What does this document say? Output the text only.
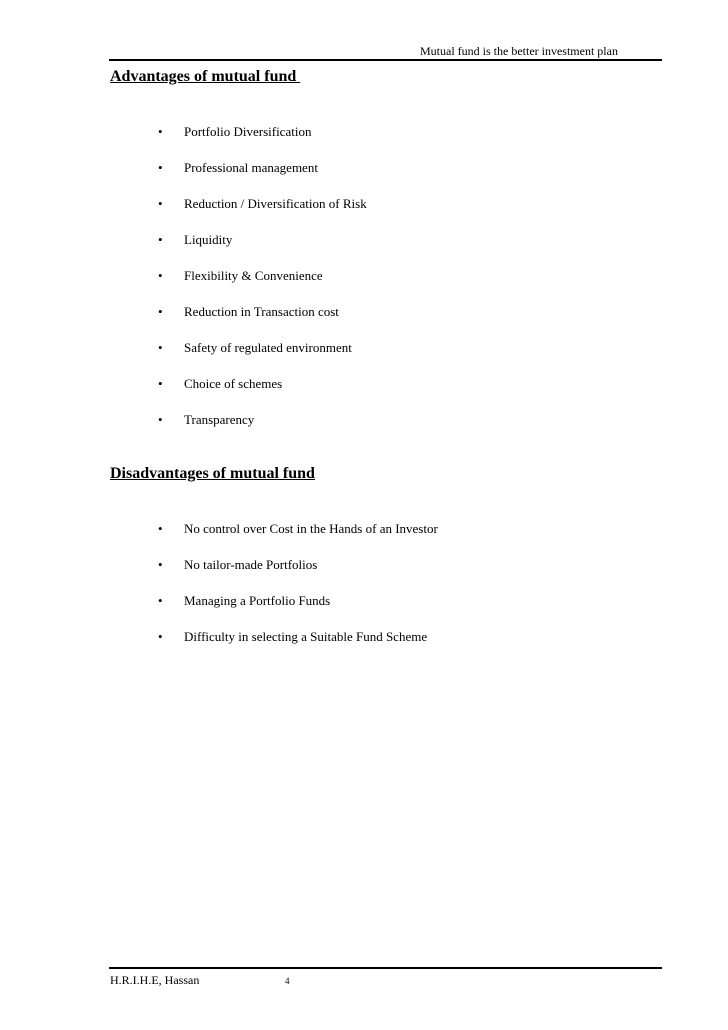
Mutual fund is the better investment plan
Advantages of mutual fund
•	Portfolio Diversification
•	Professional management
•	Reduction / Diversification of Risk
•	Liquidity
•	Flexibility & Convenience
•	Reduction in Transaction cost
•	Safety of regulated environment
•	Choice of schemes
•	Transparency
Disadvantages of mutual fund
•	No control over Cost in the Hands of an Investor
•	No tailor-made Portfolios
•	Managing a Portfolio Funds
•	Difficulty in selecting a Suitable Fund Scheme
H.R.I.H.E, Hassan	4
